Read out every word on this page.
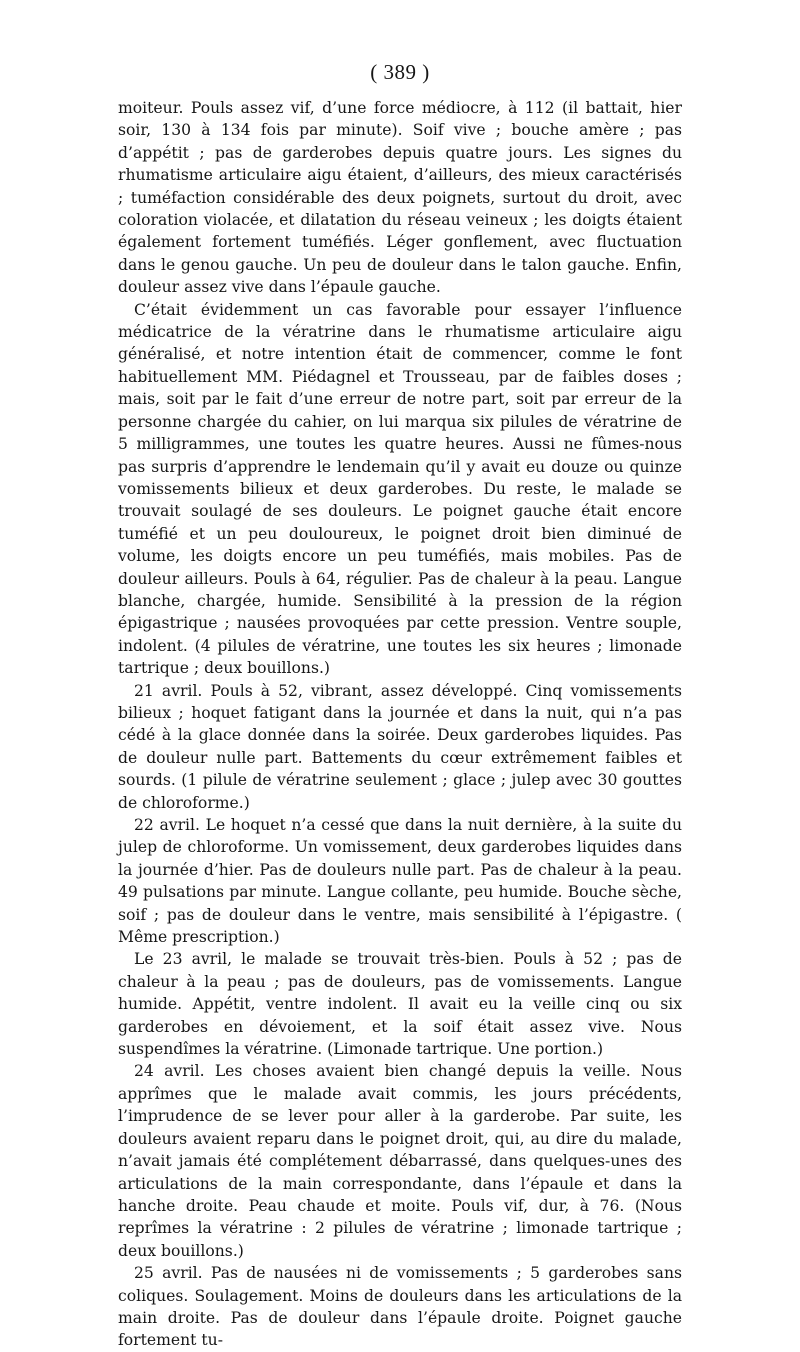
( 389 )

moiteur. Pouls assez vif, d’une force médiocre, à 112 (il battait, hier soir, 130 à 134 fois par minute). Soif vive ; bouche amère ; pas d’appétit ; pas de garderobes depuis quatre jours. Les signes du rhumatisme articulaire aigu étaient, d’ailleurs, des mieux caractérisés ; tuméfaction considérable des deux poignets, surtout du droit, avec coloration violacée, et dilatation du réseau veineux ; les doigts étaient également fortement tuméfiés. Léger gonflement, avec fluctuation dans le genou gauche. Un peu de douleur dans le talon gauche. Enfin, douleur assez vive dans l’épaule gauche.

C’était évidemment un cas favorable pour essayer l’influence médicatrice de la vératrine dans le rhumatisme articulaire aigu généralisé, et notre intention était de commencer, comme le font habituellement MM. Piédagnel et Trousseau, par de faibles doses ; mais, soit par le fait d’une erreur de notre part, soit par erreur de la personne chargée du cahier, on lui marqua six pilules de vératrine de 5 milligrammes, une toutes les quatre heures. Aussi ne fûmes-nous pas surpris d’apprendre le lendemain qu’il y avait eu douze ou quinze vomissements bilieux et deux garderobes. Du reste, le malade se trouvait soulagé de ses douleurs. Le poignet gauche était encore tuméfié et un peu douloureux, le poignet droit bien diminué de volume, les doigts encore un peu tuméfiés, mais mobiles. Pas de douleur ailleurs. Pouls à 64, régulier. Pas de chaleur à la peau. Langue blanche, chargée, humide. Sensibilité à la pression de la région épigastrique ; nausées provoquées par cette pression. Ventre souple, indolent. (4 pilules de vératrine, une toutes les six heures ; limonade tartrique ; deux bouillons.)

21 avril. Pouls à 52, vibrant, assez développé. Cinq vomissements bilieux ; hoquet fatigant dans la journée et dans la nuit, qui n’a pas cédé à la glace donnée dans la soirée. Deux garderobes liquides. Pas de douleur nulle part. Battements du cœur extrêmement faibles et sourds. (1 pilule de vératrine seulement ; glace ; julep avec 30 gouttes de chloroforme.)

22 avril. Le hoquet n’a cessé que dans la nuit dernière, à la suite du julep de chloroforme. Un vomissement, deux garderobes liquides dans la journée d’hier. Pas de douleurs nulle part. Pas de chaleur à la peau. 49 pulsations par minute. Langue collante, peu humide. Bouche sèche, soif ; pas de douleur dans le ventre, mais sensibilité à l’épigastre. ( Même prescription.)

Le 23 avril, le malade se trouvait très-bien. Pouls à 52 ; pas de chaleur à la peau ; pas de douleurs, pas de vomissements. Langue humide. Appétit, ventre indolent. Il avait eu la veille cinq ou six garderobes en dévoiement, et la soif était assez vive. Nous suspendîmes la vératrine. (Limonade tartrique. Une portion.)

24 avril. Les choses avaient bien changé depuis la veille. Nous apprîmes que le malade avait commis, les jours précédents, l’imprudence de se lever pour aller à la garderobe. Par suite, les douleurs avaient reparu dans le poignet droit, qui, au dire du malade, n’avait jamais été complétement débarrassé, dans quelques-unes des articulations de la main correspondante, dans l’épaule et dans la hanche droite. Peau chaude et moite. Pouls vif, dur, à 76. (Nous reprîmes la vératrine : 2 pilules de vératrine ; limonade tartrique ; deux bouillons.)

25 avril. Pas de nausées ni de vomissements ; 5 garderobes sans coliques. Soulagement. Moins de douleurs dans les articulations de la main droite. Pas de douleur dans l’épaule droite. Poignet gauche fortement tu-
